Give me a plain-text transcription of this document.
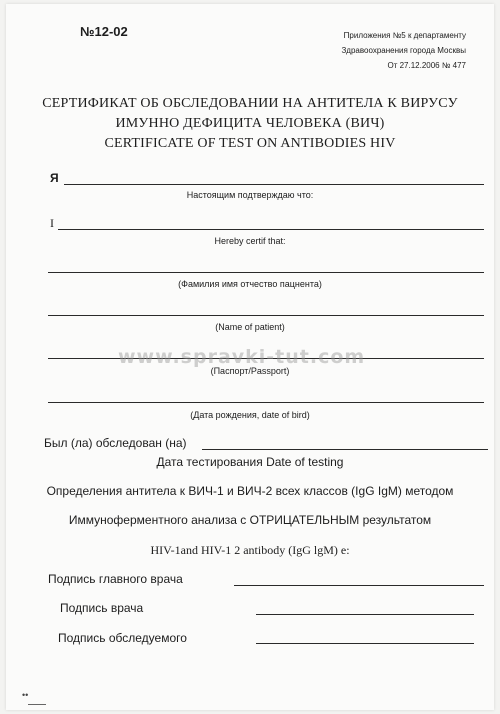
№12-02	Приложения №5 к департаменту
Здравоохранения города Москвы
От 27.12.2006 № 477
СЕРТИФИКАТ ОБ ОБСЛЕДОВАНИИ НА АНТИТЕЛА К ВИРУСУ
ИМУННО ДЕФИЦИТА ЧЕЛОВЕКА (ВИЧ)
CERTIFICATE OF TEST ON ANTIBODIES HIV
Я
Настоящим подтверждаю что:
I
Hereby certif that:
(Фамилия имя отчество пацнента)
(Name of patient)
(Паспорт/Passport)
(Дата рождения, date of bird)
Был (ла) обследован (на)
Дата тестирования Date of testing
Определения антитела к ВИЧ-1 и ВИЧ-2 всех классов (IgG IgM) методом
Иммуноферментного анализа с ОТРИЦАТЕЛЬНЫМ результатом
HIV-1and HIV-1 2 antibody (IgG lgM) e:
Подпись главного врача
Подпись врача
Подпись обследуемого
••
www.spravki-tut.com
